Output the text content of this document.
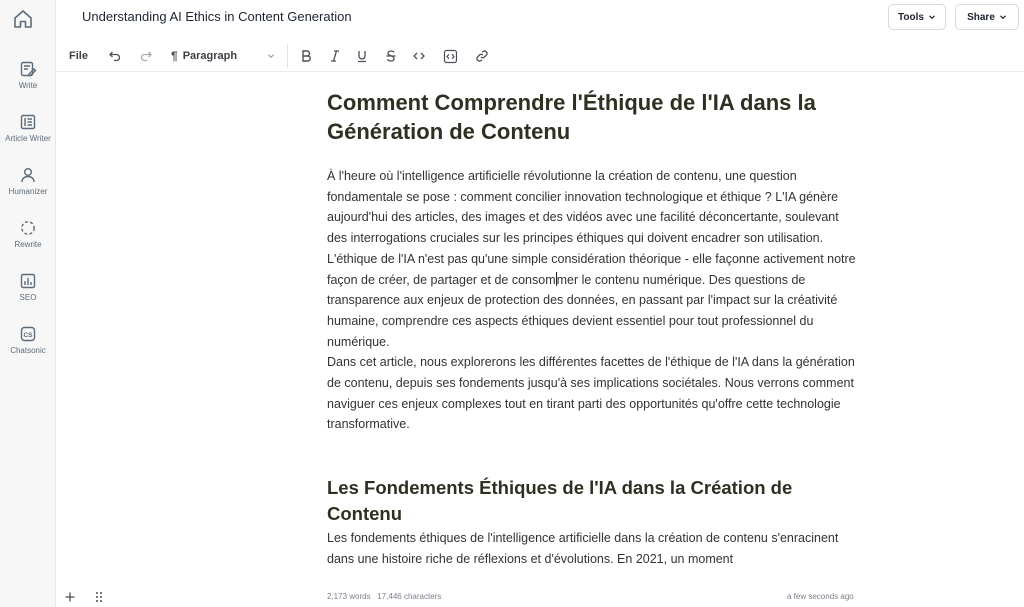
Write
Article Writer
Humanizer
Rewrite
SEO
CS
Chatsonic
Understanding AI Ethics in Content Generation	Tools	Share
File	¶ Paragraph
Comment Comprendre l'Éthique de l'IA dans la Génération de Contenu

À l'heure où l'intelligence artificielle révolutionne la création de contenu, une question fondamentale se pose : comment concilier innovation technologique et éthique ? L'IA génère aujourd'hui des articles, des images et des vidéos avec une facilité déconcertante, soulevant des interrogations cruciales sur les principes éthiques qui doivent encadrer son utilisation.

L'éthique de l'IA n'est pas qu'une simple considération théorique - elle façonne activement notre façon de créer, de partager et de consommer le contenu numérique. Des questions de transparence aux enjeux de protection des données, en passant par l'impact sur la créativité humaine, comprendre ces aspects éthiques devient essentiel pour tout professionnel du numérique.

Dans cet article, nous explorerons les différentes facettes de l'éthique de l'IA dans la génération de contenu, depuis ses fondements jusqu'à ses implications sociétales. Nous verrons comment naviguer ces enjeux complexes tout en tirant parti des opportunités qu'offre cette technologie transformative.

Les Fondements Éthiques de l'IA dans la Création de Contenu

Les fondements éthiques de l'intelligence artificielle dans la création de contenu s'enracinent dans une histoire riche de réflexions et d'évolutions. En 2021, un moment

2,173 words 17,446 characters	a few seconds ago
